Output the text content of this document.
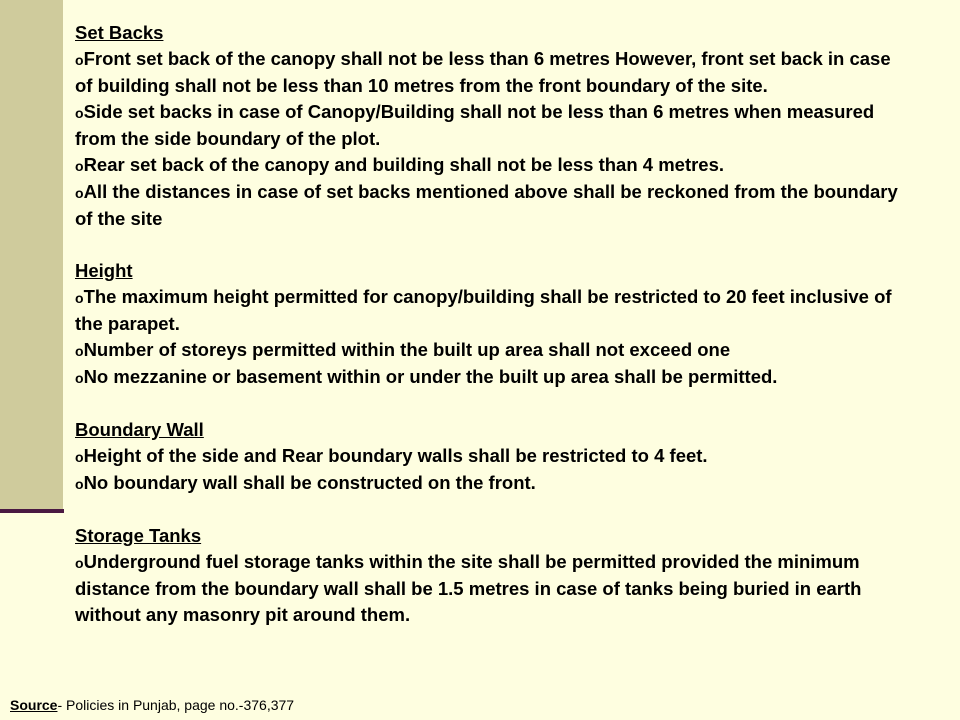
Set Backs

oFront set back of the canopy shall not be less than 6 metres However, front set back in case of building shall not be less than 10 metres from the front boundary of the site.

oSide set backs in case of Canopy/Building shall not be less than 6 metres when measured from the side boundary of the plot.

oRear set back of the canopy and building shall not be less than 4 metres.

oAll the distances in case of set backs mentioned above shall be reckoned from the boundary of the site

Height

oThe maximum height permitted for canopy/building shall be restricted to 20 feet inclusive of the parapet.

oNumber of storeys permitted within the built up area shall not exceed one

oNo mezzanine or basement within or under the built up area shall be permitted.

Boundary Wall

oHeight of the side and Rear boundary walls shall be restricted to 4 feet.

oNo boundary wall shall be constructed on the front.

Storage Tanks

oUnderground fuel storage tanks within the site shall be permitted provided the minimum distance from the boundary wall shall be 1.5 metres in case of tanks being buried in earth without any masonry pit around them.

Source- Policies in Punjab, page no.-376,377
